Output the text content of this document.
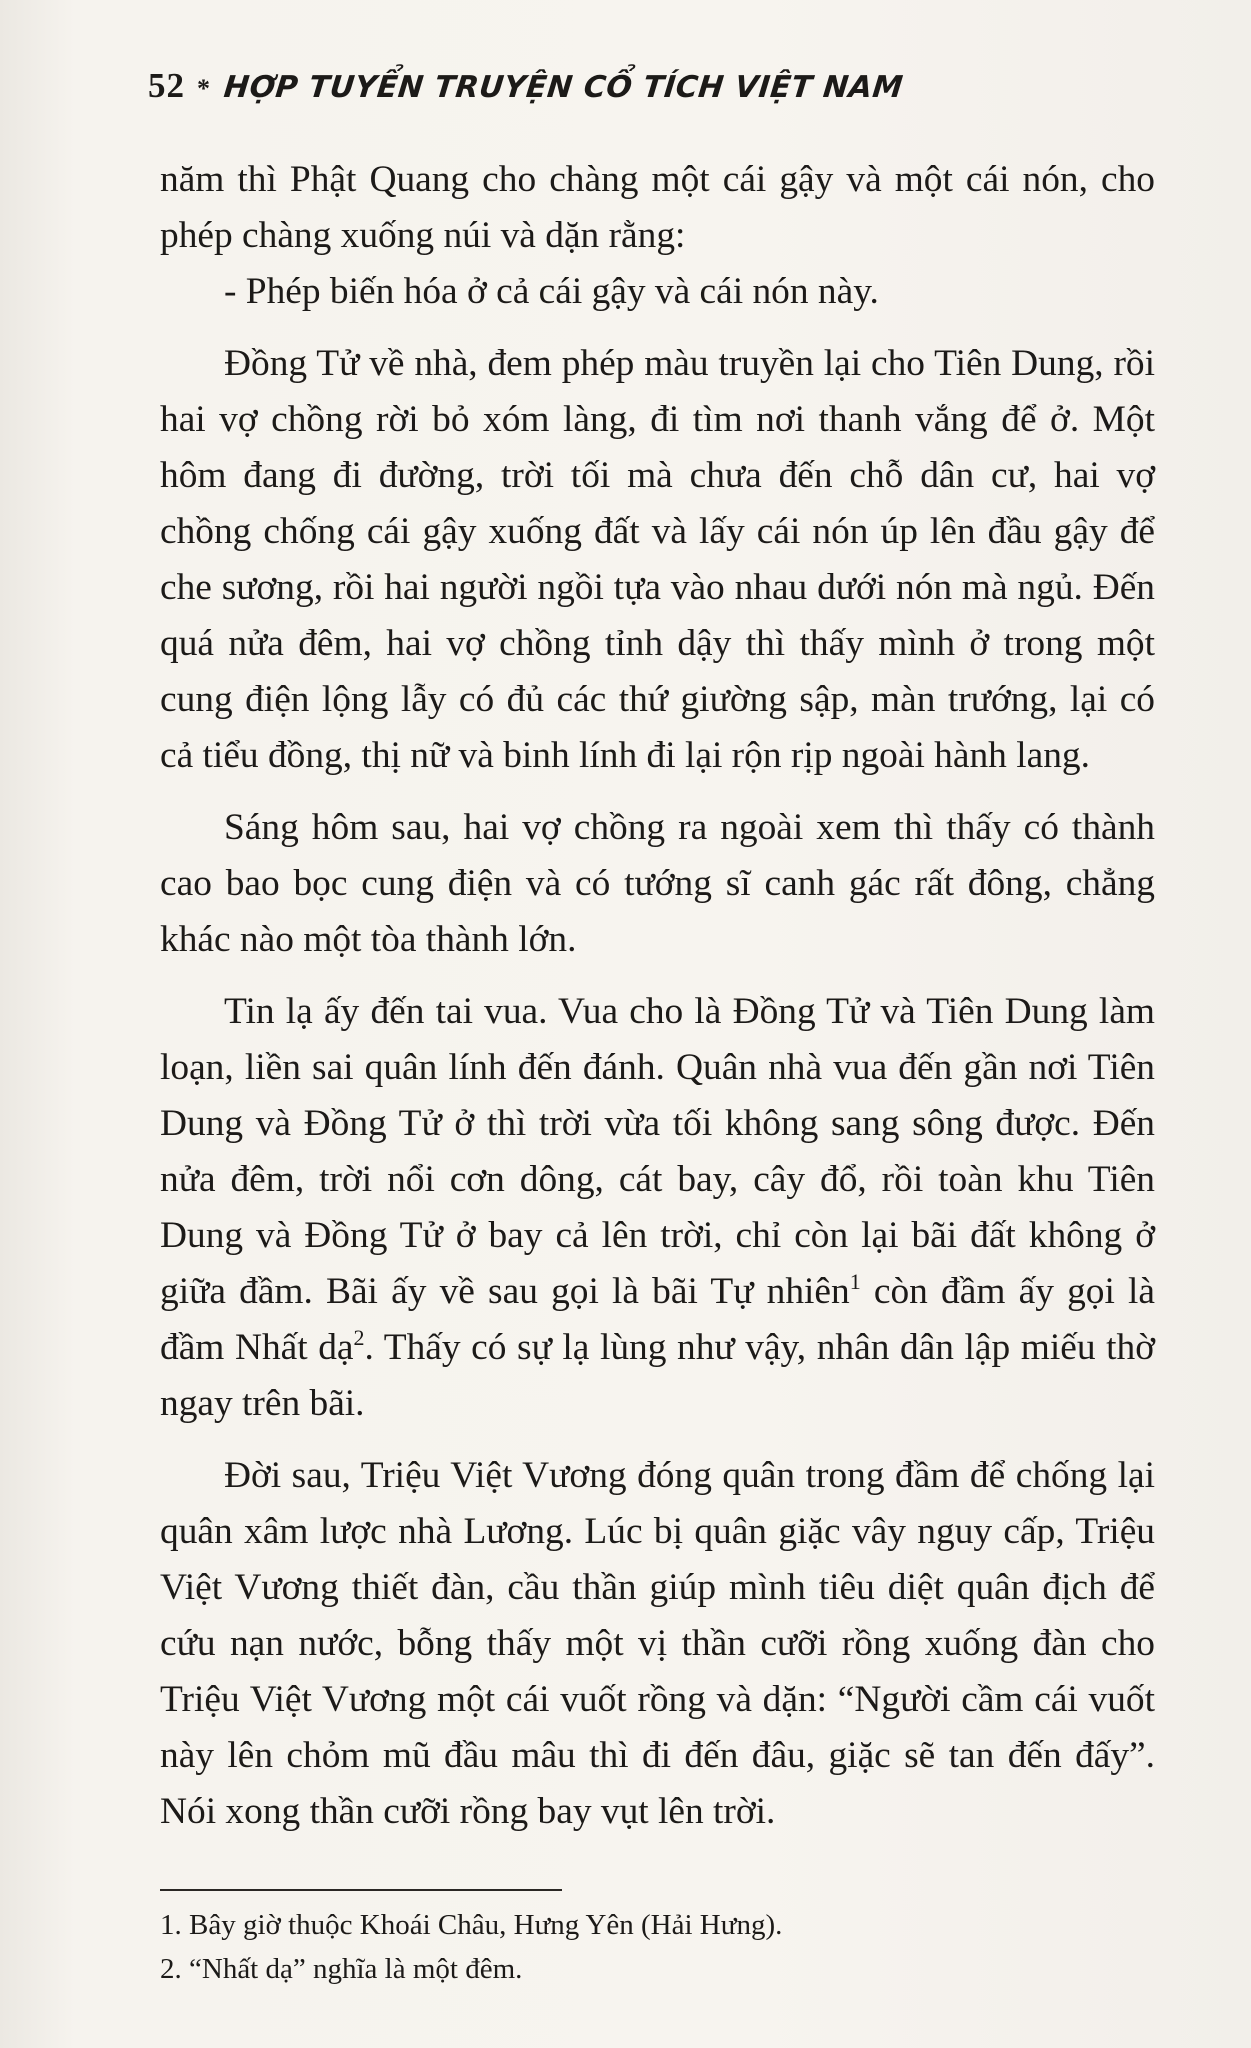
52 * HỢP TUYỂN TRUYỆN CỔ TÍCH VIỆT NAM

năm thì Phật Quang cho chàng một cái gậy và một cái nón, cho phép chàng xuống núi và dặn rằng:

- Phép biến hóa ở cả cái gậy và cái nón này.

Đồng Tử về nhà, đem phép màu truyền lại cho Tiên Dung, rồi hai vợ chồng rời bỏ xóm làng, đi tìm nơi thanh vắng để ở. Một hôm đang đi đường, trời tối mà chưa đến chỗ dân cư, hai vợ chồng chống cái gậy xuống đất và lấy cái nón úp lên đầu gậy để che sương, rồi hai người ngồi tựa vào nhau dưới nón mà ngủ. Đến quá nửa đêm, hai vợ chồng tỉnh dậy thì thấy mình ở trong một cung điện lộng lẫy có đủ các thứ giường sập, màn trướng, lại có cả tiểu đồng, thị nữ và binh lính đi lại rộn rịp ngoài hành lang.

Sáng hôm sau, hai vợ chồng ra ngoài xem thì thấy có thành cao bao bọc cung điện và có tướng sĩ canh gác rất đông, chẳng khác nào một tòa thành lớn.

Tin lạ ấy đến tai vua. Vua cho là Đồng Tử và Tiên Dung làm loạn, liền sai quân lính đến đánh. Quân nhà vua đến gần nơi Tiên Dung và Đồng Tử ở thì trời vừa tối không sang sông được. Đến nửa đêm, trời nổi cơn dông, cát bay, cây đổ, rồi toàn khu Tiên Dung và Đồng Tử ở bay cả lên trời, chỉ còn lại bãi đất không ở giữa đầm. Bãi ấy về sau gọi là bãi Tự nhiên$^1$ còn đầm ấy gọi là đầm Nhất dạ$^2$. Thấy có sự lạ lùng như vậy, nhân dân lập miếu thờ ngay trên bãi.

Đời sau, Triệu Việt Vương đóng quân trong đầm để chống lại quân xâm lược nhà Lương. Lúc bị quân giặc vây nguy cấp, Triệu Việt Vương thiết đàn, cầu thần giúp mình tiêu diệt quân địch để cứu nạn nước, bỗng thấy một vị thần cưỡi rồng xuống đàn cho Triệu Việt Vương một cái vuốt rồng và dặn: “Người cầm cái vuốt này lên chỏm mũ đầu mâu thì đi đến đâu, giặc sẽ tan đến đấy”. Nói xong thần cưỡi rồng bay vụt lên trời.

1. Bây giờ thuộc Khoái Châu, Hưng Yên (Hải Hưng).

2. “Nhất dạ” nghĩa là một đêm.
